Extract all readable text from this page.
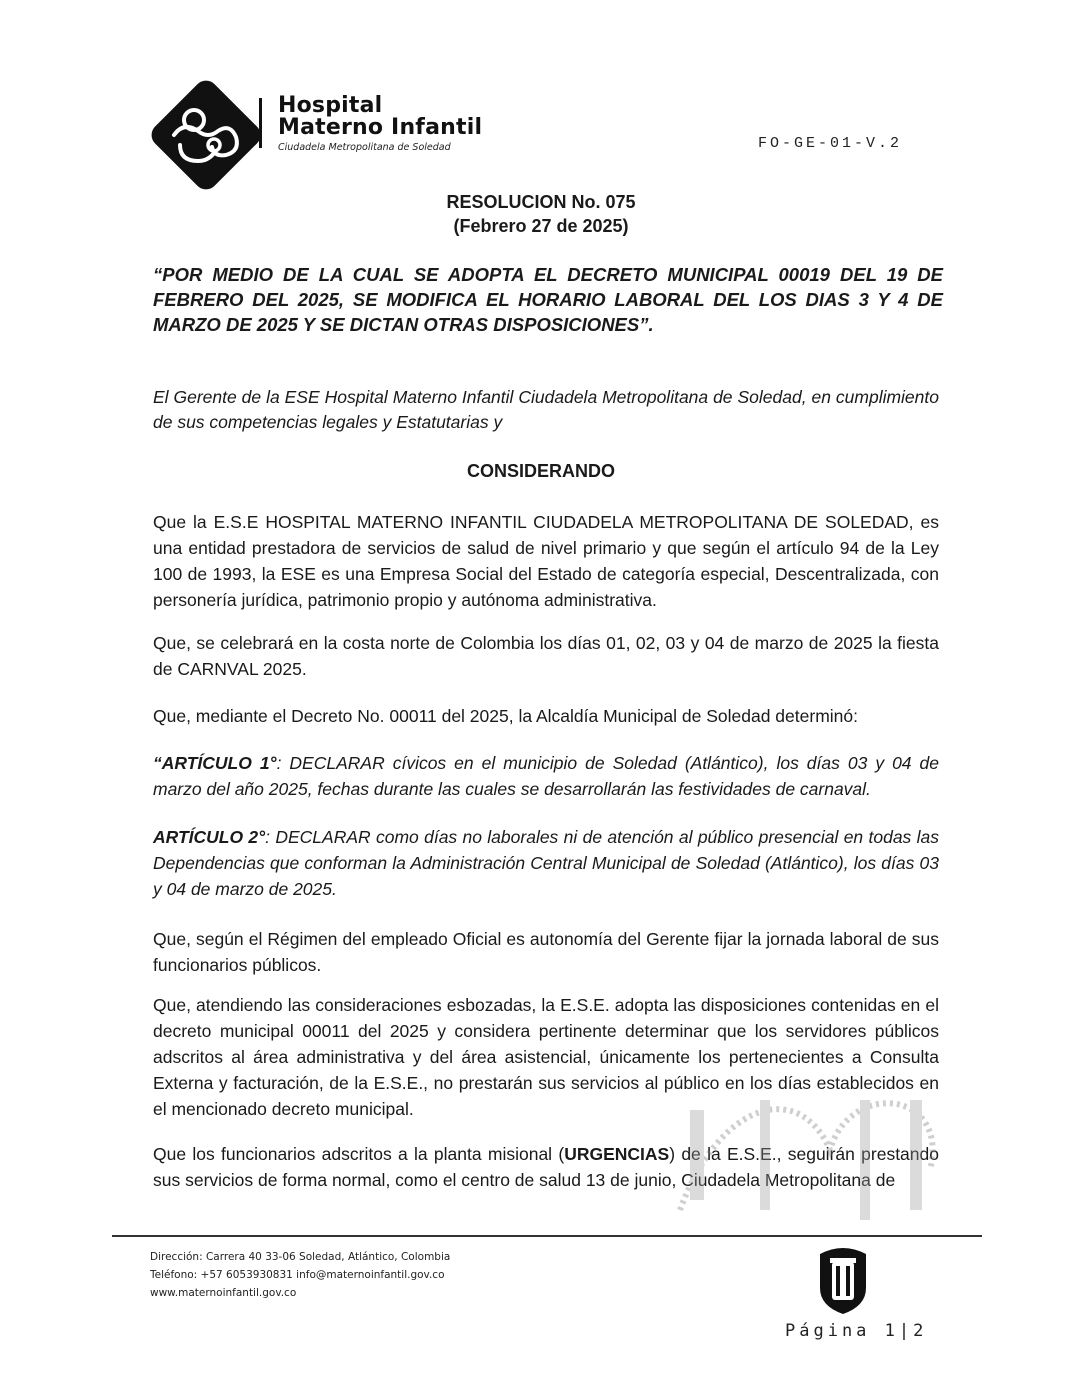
Hospital
Materno Infantil
Ciudadela Metropolitana de Soledad	FO-GE-01-V.2
RESOLUCION No. 075
(Febrero 27 de 2025)
“POR MEDIO DE LA CUAL SE ADOPTA EL DECRETO MUNICIPAL 00019 DEL 19 DE FEBRERO DEL 2025, SE MODIFICA EL HORARIO LABORAL DEL LOS DIAS 3 Y 4 DE MARZO DE 2025 Y SE DICTAN OTRAS DISPOSICIONES”.
El Gerente de la ESE Hospital Materno Infantil Ciudadela Metropolitana de Soledad, en cumplimiento de sus competencias legales y Estatutarias y
CONSIDERANDO
Que la E.S.E HOSPITAL MATERNO INFANTIL CIUDADELA METROPOLITANA DE SOLEDAD, es una entidad prestadora de servicios de salud de nivel primario y que según el artículo 94 de la Ley 100 de 1993, la ESE es una Empresa Social del Estado de categoría especial, Descentralizada, con personería jurídica, patrimonio propio y autónoma administrativa.
Que, se celebrará en la costa norte de Colombia los días 01, 02, 03 y 04 de marzo de 2025 la fiesta de CARNVAL 2025.
Que, mediante el Decreto No. 00011 del 2025, la Alcaldía Municipal de Soledad determinó:
“ARTÍCULO 1°: DECLARAR cívicos en el municipio de Soledad (Atlántico), los días 03 y 04 de marzo del año 2025, fechas durante las cuales se desarrollarán las festividades de carnaval.
ARTÍCULO 2°: DECLARAR como días no laborales ni de atención al público presencial en todas las Dependencias que conforman la Administración Central Municipal de Soledad (Atlántico), los días 03 y 04 de marzo de 2025.
Que, según el Régimen del empleado Oficial es autonomía del Gerente fijar la jornada laboral de sus funcionarios públicos.
Que, atendiendo las consideraciones esbozadas, la E.S.E. adopta las disposiciones contenidas en el decreto municipal 00011 del 2025 y considera pertinente determinar que los servidores públicos adscritos al área administrativa y del área asistencial, únicamente los pertenecientes a Consulta Externa y facturación, de la E.S.E., no prestarán sus servicios al público en los días establecidos en el mencionado decreto municipal.
Que los funcionarios adscritos a la planta misional (URGENCIAS) de la E.S.E., seguirán prestando sus servicios de forma normal, como el centro de salud 13 de junio, Ciudadela Metropolitana de
Dirección: Carrera 40 33-06 Soledad, Atlántico, Colombia
Teléfono: +57 6053930831 info@maternoinfantil.gov.co
www.maternoinfantil.gov.co
Página 1|2
